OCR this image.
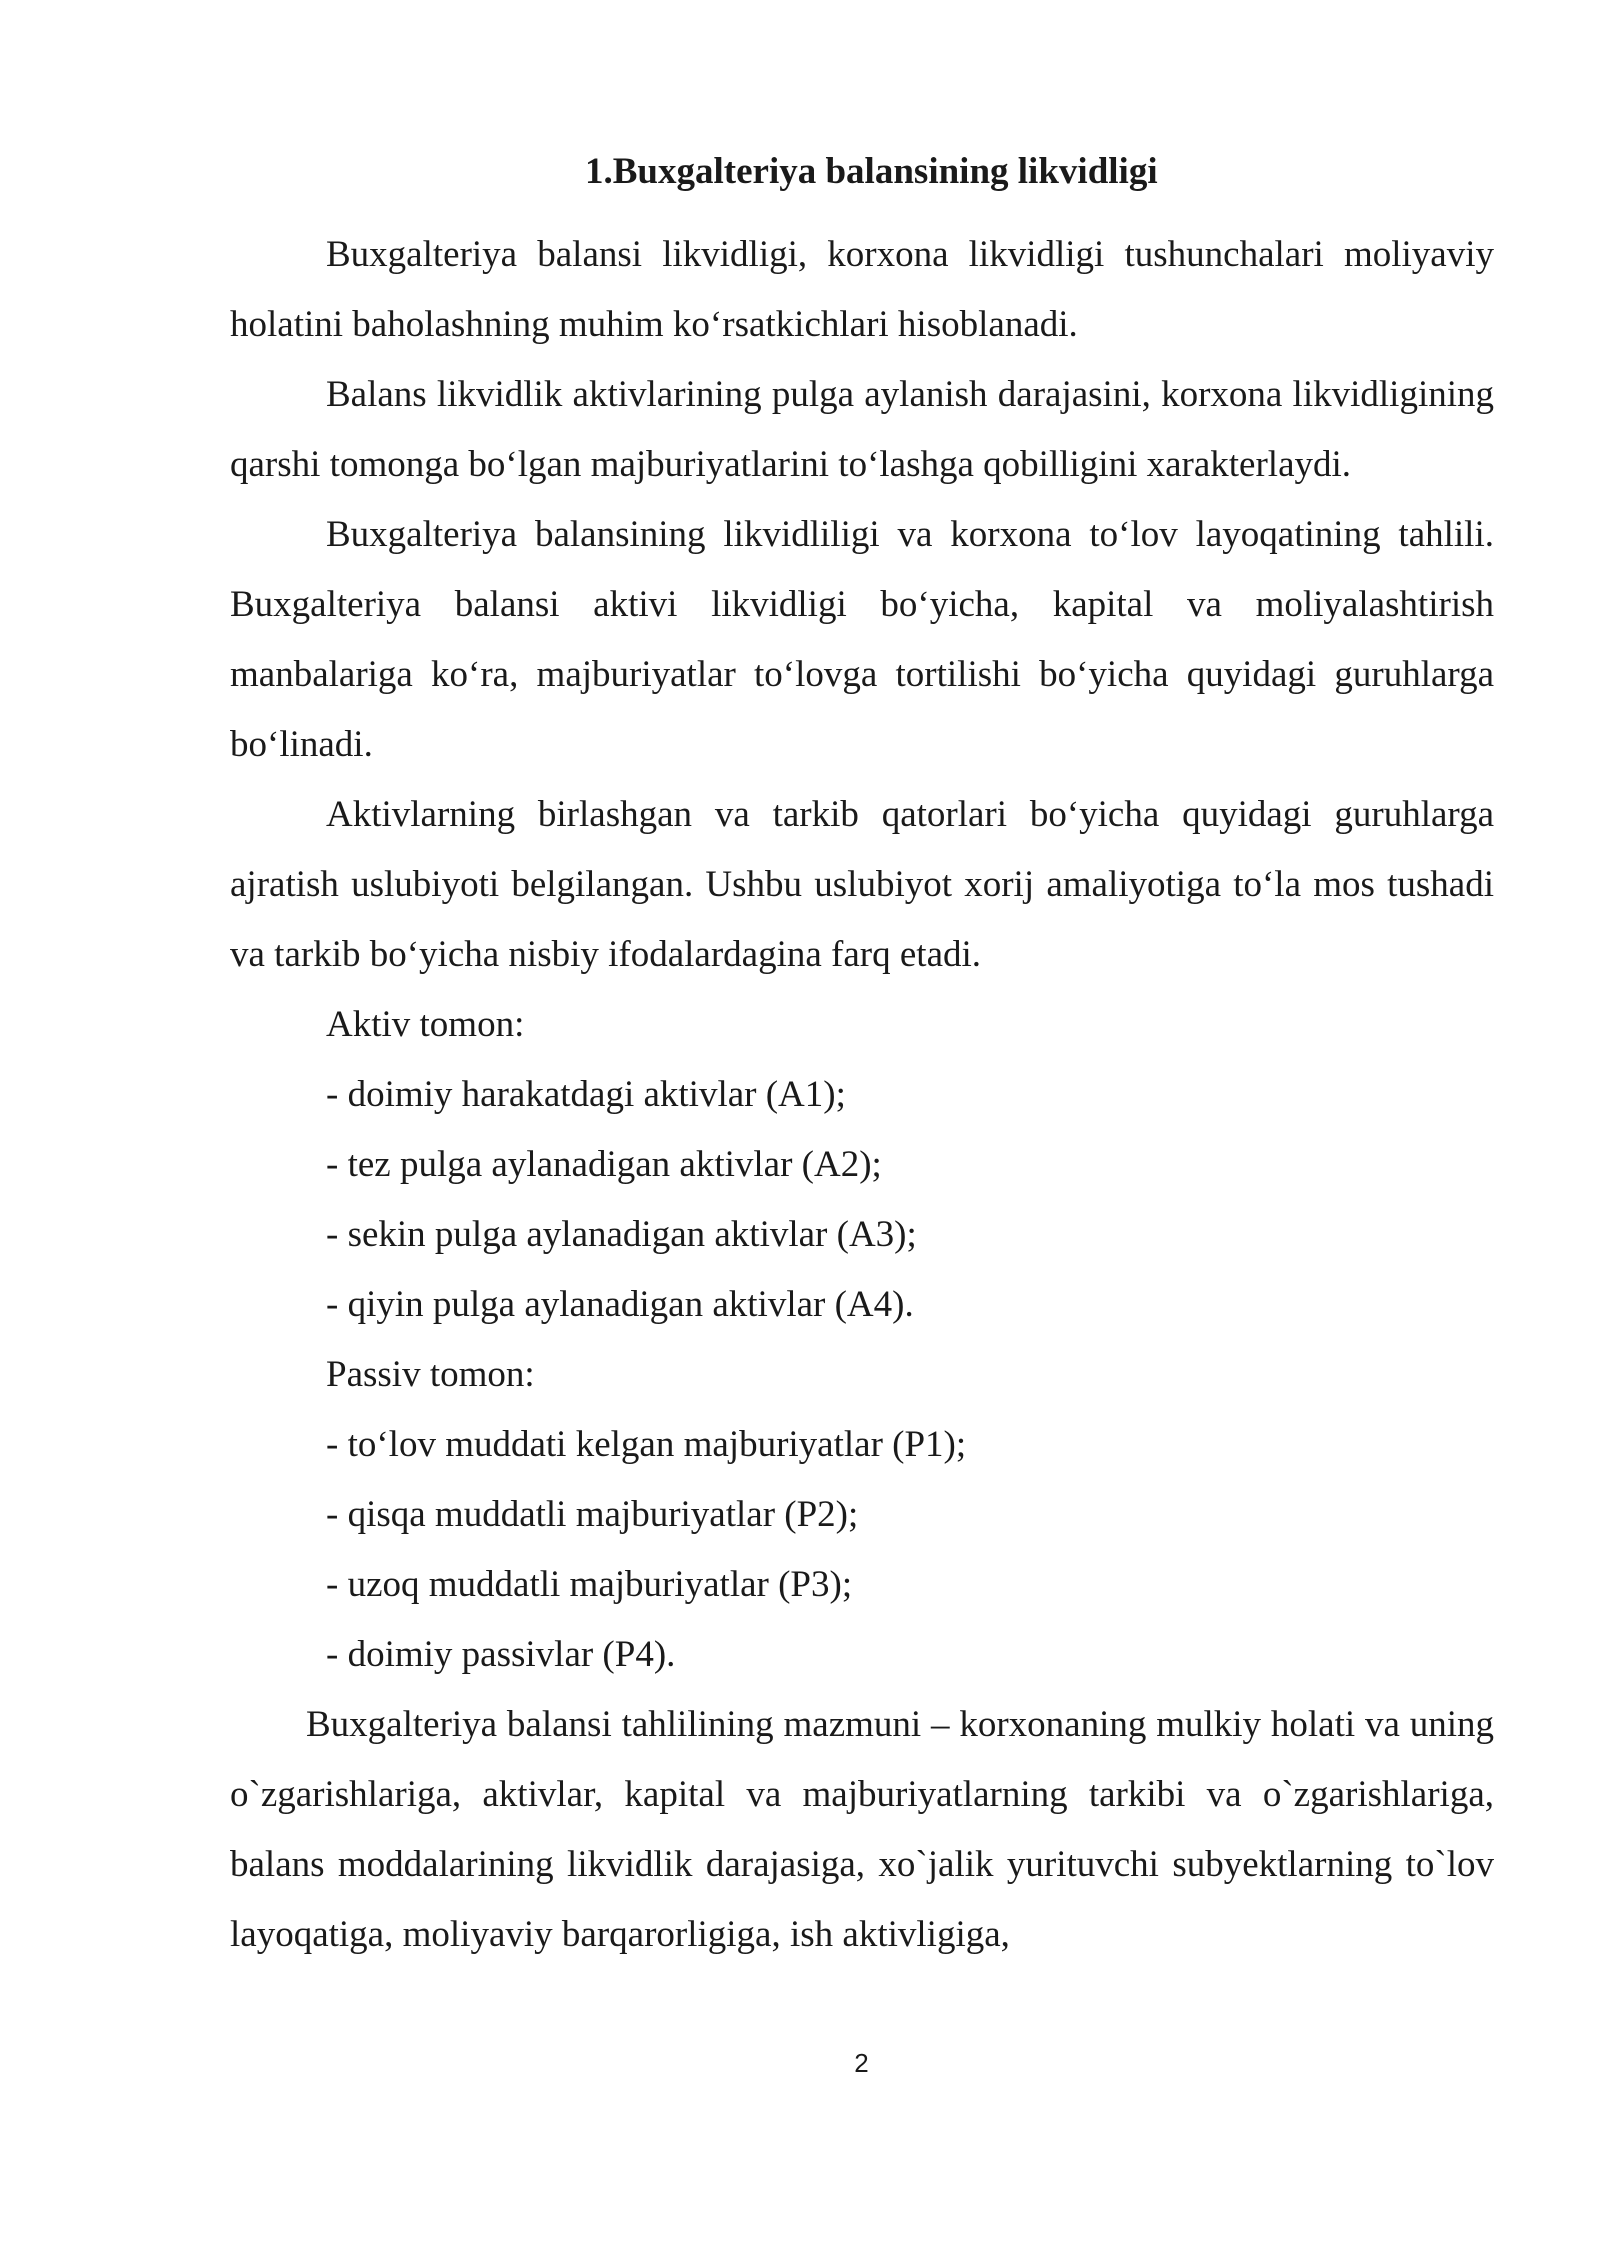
1.Buxgalteriya balansining likvidligi

Buxgalteriya balansi likvidligi, korxona likvidligi tushunchalari moliyaviy holatini baholashning muhim ko‘rsatkichlari hisoblanadi.

Balans likvidlik aktivlarining pulga aylanish darajasini, korxona likvidligining qarshi tomonga bo‘lgan majburiyatlarini to‘lashga qobilligini xarakterlaydi.

Buxgalteriya balansining likvidliligi va korxona to‘lov layoqatining tahlili. Buxgalteriya balansi aktivi likvidligi bo‘yicha, kapital va moliyalashtirish manbalariga ko‘ra, majburiyatlar to‘lovga tortilishi bo‘yicha quyidagi guruhlarga bo‘linadi.

Aktivlarning birlashgan va tarkib qatorlari bo‘yicha quyidagi guruhlarga ajratish uslubiyoti belgilangan. Ushbu uslubiyot xorij amaliyotiga to‘la mos tushadi va tarkib bo‘yicha nisbiy ifodalardagina farq etadi.

Aktiv tomon:

- doimiy harakatdagi aktivlar (A1);

- tez pulga aylanadigan aktivlar (A2);

- sekin pulga aylanadigan aktivlar (A3);

- qiyin pulga aylanadigan aktivlar (A4).

Passiv tomon:

- to‘lov muddati kelgan majburiyatlar (P1);

- qisqa muddatli majburiyatlar (P2);

- uzoq muddatli majburiyatlar (P3);

- doimiy passivlar (P4).

Buxgalteriya balansi tahlilining mazmuni – korxonaning mulkiy holati va uning o`zgarishlariga, aktivlar, kapital va majburiyatlarning tarkibi va o`zgarishlariga, balans moddalarining likvidlik darajasiga, xo`jalik yurituvchi subyektlarning to`lov layoqatiga, moliyaviy barqarorligiga, ish aktivligiga,

2
